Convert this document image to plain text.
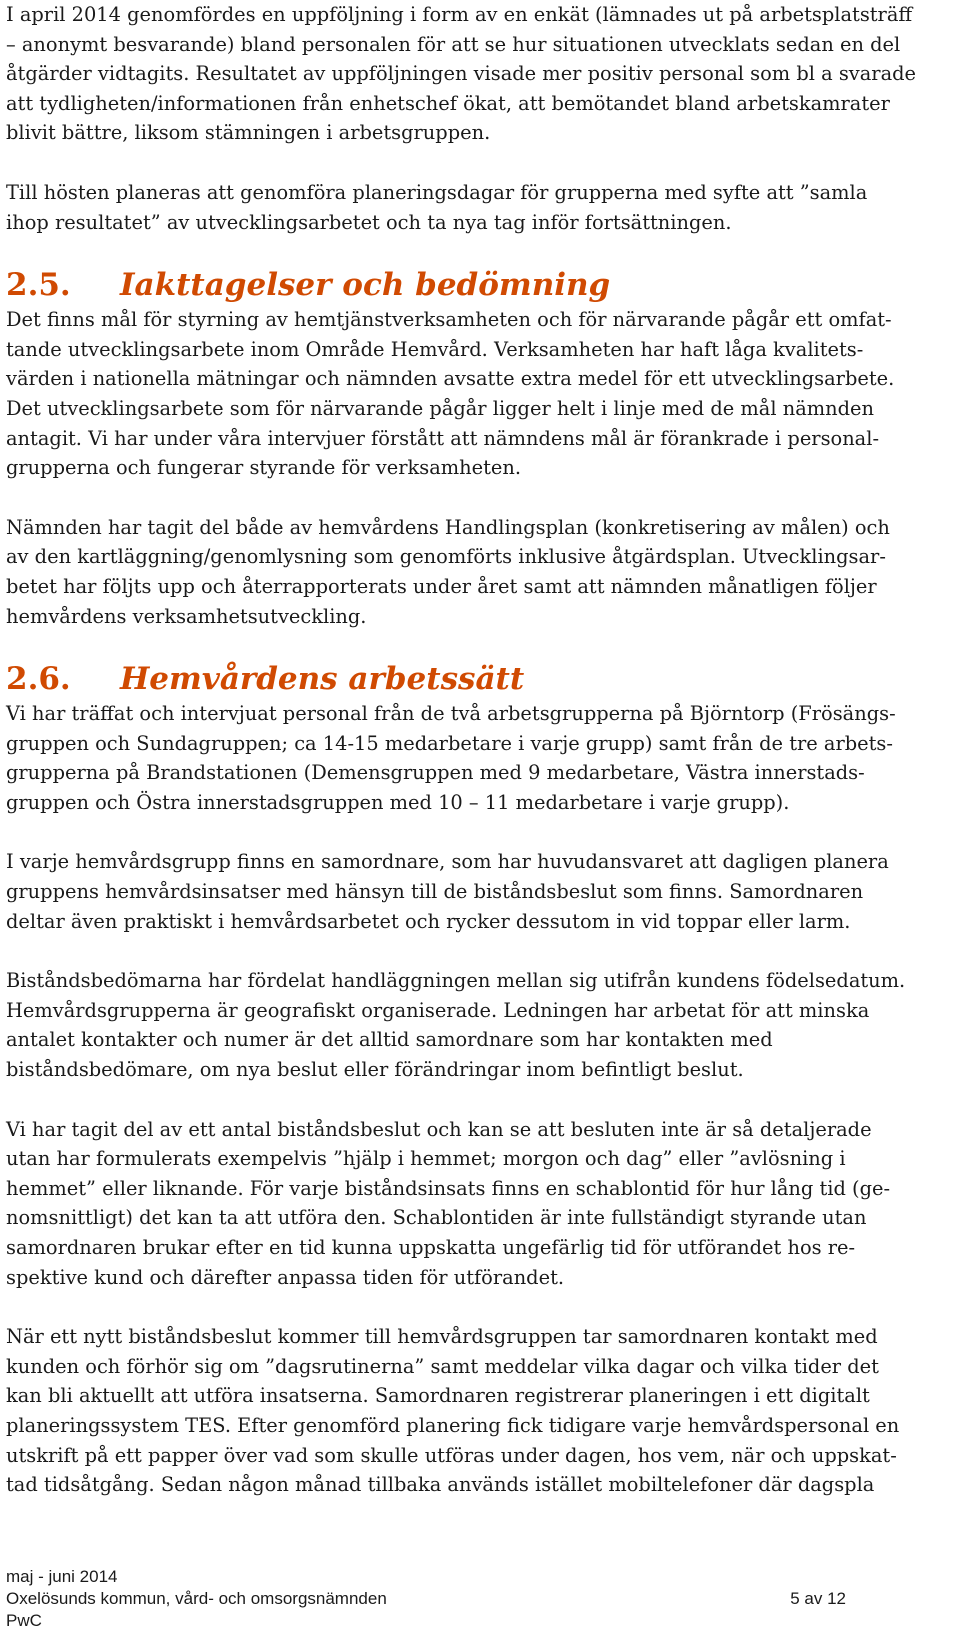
I april 2014 genomfördes en uppföljning i form av en enkät (lämnades ut på arbetsplatsträff – anonymt besvarande) bland personalen för att se hur situationen utvecklats sedan en del åtgärder vidtagits. Resultatet av uppföljningen visade mer positiv personal som bl a svarade att tydligheten/informationen från enhetschef ökat, att bemötandet bland arbetskamrater blivit bättre, liksom stämningen i arbetsgruppen.

Till hösten planeras att genomföra planeringsdagar för grupperna med syfte att ”samla ihop resultatet” av utvecklingsarbetet och ta nya tag inför fortsättningen.

2.5.	Iakttagelser och bedömning

Det finns mål för styrning av hemtjänstverksamheten och för närvarande pågår ett omfattande utvecklingsarbete inom Område Hemvård. Verksamheten har haft låga kvalitetsvärden i nationella mätningar och nämnden avsatte extra medel för ett utvecklingsarbete. Det utvecklingsarbete som för närvarande pågår ligger helt i linje med de mål nämnden antagit. Vi har under våra intervjuer förstått att nämndens mål är förankrade i personalgrupperna och fungerar styrande för verksamheten.

Nämnden har tagit del både av hemvårdens Handlingsplan (konkretisering av målen) och av den kartläggning/genomlysning som genomförts inklusive åtgärdsplan. Utvecklingsarbetet har följts upp och återrapporterats under året samt att nämnden månatligen följer hemvårdens verksamhetsutveckling.

2.6.	Hemvårdens arbetssätt

Vi har träffat och intervjuat personal från de två arbetsgrupperna på Björntorp (Frösängsgruppen och Sundagruppen; ca 14-15 medarbetare i varje grupp) samt från de tre arbetsgrupperna på Brandstationen (Demensgruppen med 9 medarbetare, Västra innerstadsgruppen och Östra innerstadsgruppen med 10 – 11 medarbetare i varje grupp).

I varje hemvårdsgrupp finns en samordnare, som har huvudansvaret att dagligen planera gruppens hemvårdsinsatser med hänsyn till de biståndsbeslut som finns. Samordnaren deltar även praktiskt i hemvårdsarbetet och rycker dessutom in vid toppar eller larm.

Biståndsbedömarna har fördelat handläggningen mellan sig utifrån kundens födelsedatum. Hemvårdsgrupperna är geografiskt organiserade. Ledningen har arbetat för att minska antalet kontakter och numer är det alltid samordnare som har kontakten med biståndsbedömare, om nya beslut eller förändringar inom befintligt beslut.

Vi har tagit del av ett antal biståndsbeslut och kan se att besluten inte är så detaljerade utan har formulerats exempelvis ”hjälp i hemmet; morgon och dag” eller ”avlösning i hemmet” eller liknande. För varje biståndsinsats finns en schablontid för hur lång tid (genomsnittligt) det kan ta att utföra den. Schablontiden är inte fullständigt styrande utan samordnaren brukar efter en tid kunna uppskatta ungefärlig tid för utförandet hos respektive kund och därefter anpassa tiden för utförandet.

När ett nytt biståndsbeslut kommer till hemvårdsgruppen tar samordnaren kontakt med kunden och förhör sig om ”dagsrutinerna” samt meddelar vilka dagar och vilka tider det kan bli aktuellt att utföra insatserna. Samordnaren registrerar planeringen i ett digitalt planeringssystem TES. Efter genomförd planering fick tidigare varje hemvårdspersonal en utskrift på ett papper över vad som skulle utföras under dagen, hos vem, när och uppskattad tidsåtgång. Sedan någon månad tillbaka används istället mobiltelefoner där dagspla

maj - juni 2014
Oxelösunds kommun, vård- och omsorgsnämnden	5 av 12
PwC
